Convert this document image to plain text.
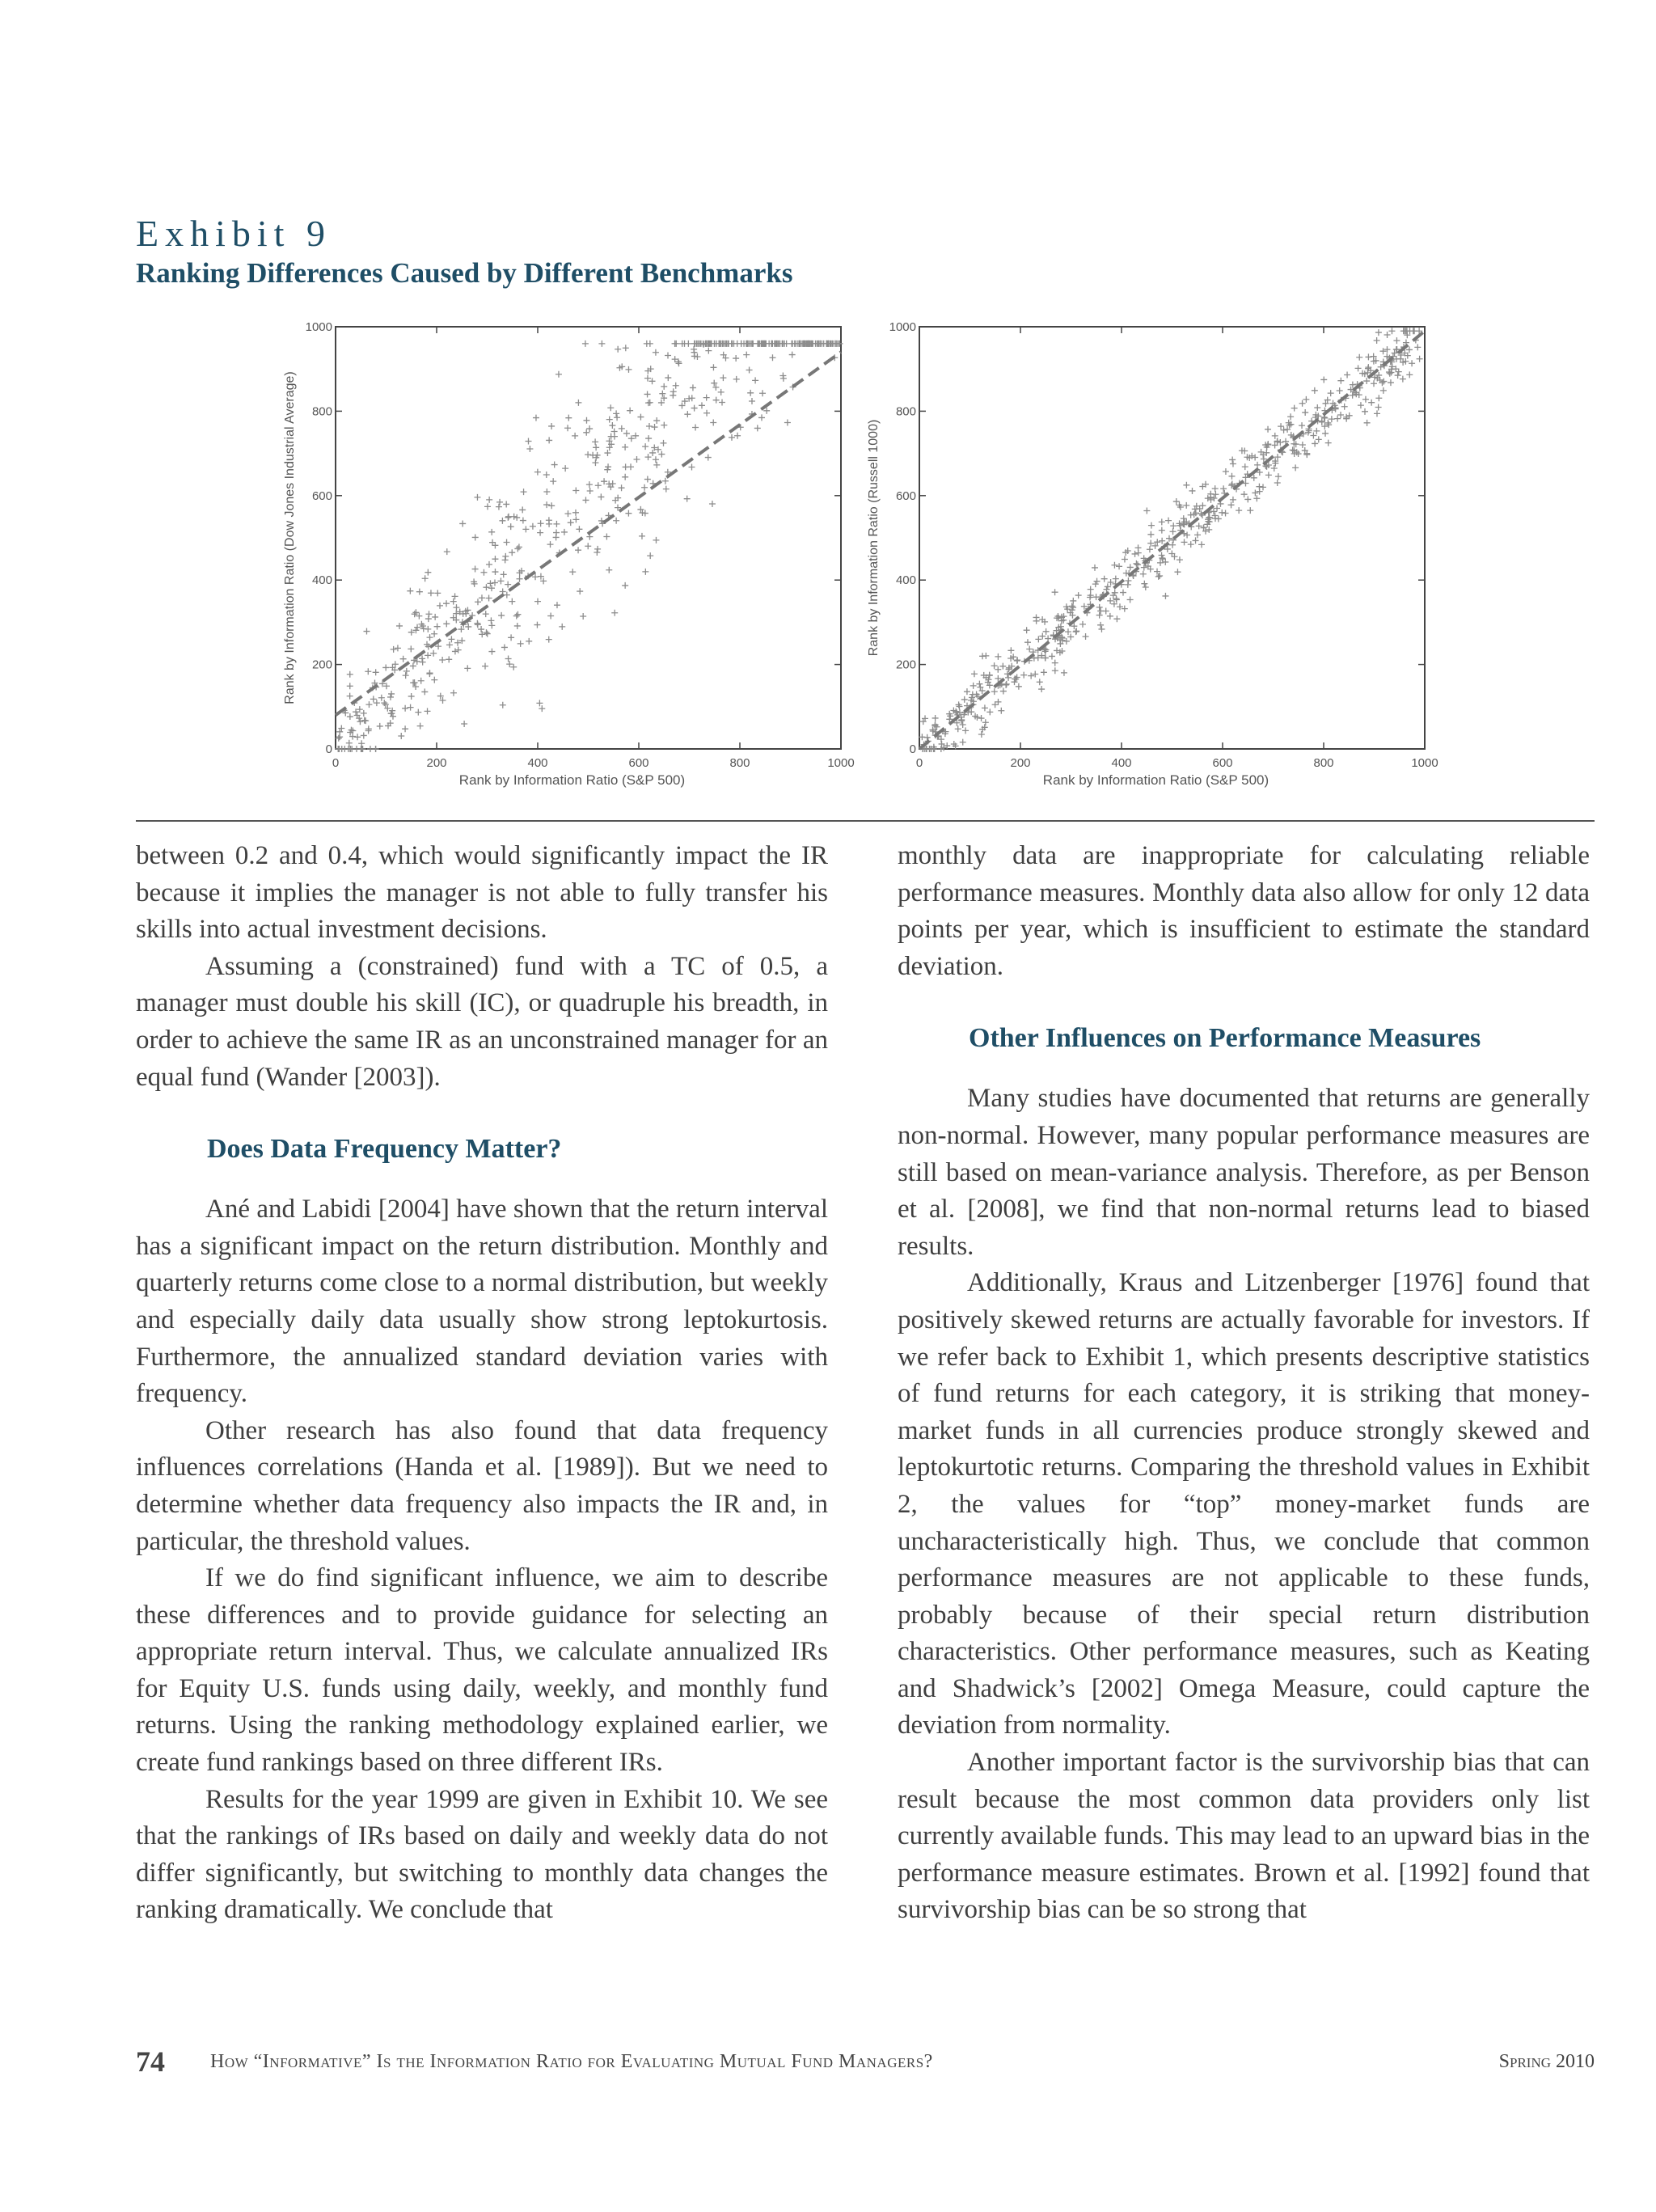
Exhibit 9
Ranking Differences Caused by Different Benchmarks
0	200	400	600	800	1000
0
200
400
600
800
1000
Rank by Information Ratio (S&P 500)
Rank by Information Ratio (Dow Jones Industrial Average)
0	200	400	600	800	1000
0
200
400
600
800
1000
Rank by Information Ratio (S&P 500)
Rank by Information Ratio (Russell 1000)

between 0.2 and 0.4, which would significantly impact the IR because it implies the manager is not able to fully transfer his skills into actual investment decisions.

Assuming a (constrained) fund with a TC of 0.5, a manager must double his skill (IC), or quadruple his breadth, in order to achieve the same IR as an unconstrained manager for an equal fund (Wander [2003]).

Does Data Frequency Matter?

Ané and Labidi [2004] have shown that the return interval has a significant impact on the return distribution. Monthly and quarterly returns come close to a normal distribution, but weekly and especially daily data usually show strong leptokurtosis. Furthermore, the annualized standard deviation varies with frequency.

Other research has also found that data frequency influences correlations (Handa et al. [1989]). But we need to determine whether data frequency also impacts the IR and, in particular, the threshold values.

If we do find significant influence, we aim to describe these differences and to provide guidance for selecting an appropriate return interval. Thus, we calculate annualized IRs for Equity U.S. funds using daily, weekly, and monthly fund returns. Using the ranking methodology explained earlier, we create fund rankings based on three different IRs.

Results for the year 1999 are given in Exhibit 10. We see that the rankings of IRs based on daily and weekly data do not differ significantly, but switching to monthly data changes the ranking dramatically. We conclude that

monthly data are inappropriate for calculating reliable performance measures. Monthly data also allow for only 12 data points per year, which is insufficient to estimate the standard deviation.

Other Influences on Performance Measures

Many studies have documented that returns are generally non-normal. However, many popular performance measures are still based on mean-variance analysis. Therefore, as per Benson et al. [2008], we find that non-normal returns lead to biased results.

Additionally, Kraus and Litzenberger [1976] found that positively skewed returns are actually favorable for investors. If we refer back to Exhibit 1, which presents descriptive statistics of fund returns for each category, it is striking that money-market funds in all currencies produce strongly skewed and leptokurtotic returns. Comparing the threshold values in Exhibit 2, the values for “top” money-market funds are uncharacteristically high. Thus, we conclude that common performance measures are not applicable to these funds, probably because of their special return distribution characteristics. Other performance measures, such as Keating and Shadwick’s [2002] Omega Measure, could capture the deviation from normality.

Another important factor is the survivorship bias that can result because the most common data providers only list currently available funds. This may lead to an upward bias in the performance measure estimates. Brown et al. [1992] found that survivorship bias can be so strong that

74 How “Informative” Is the Information Ratio for Evaluating Mutual Fund Managers?	Spring 2010
